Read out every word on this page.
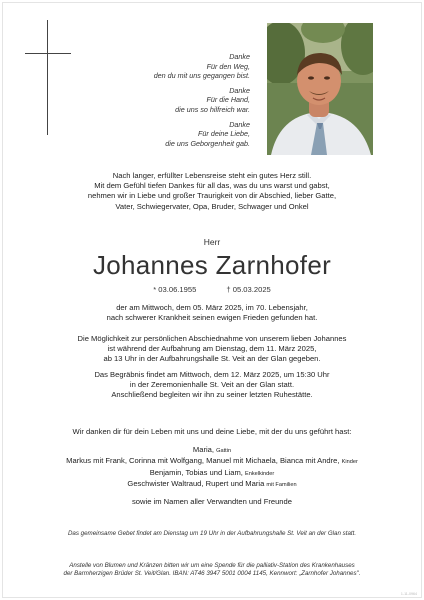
Danke
Für den Weg,
den du mit uns gegangen bist.
Danke
Für die Hand,
die uns so hilfreich war.
Danke
Für deine Liebe,
die uns Geborgenheit gab.
Nach langer, erfüllter Lebensreise steht ein gutes Herz still.
Mit dem Gefühl tiefen Dankes für all das, was du uns warst und gabst,
nehmen wir in Liebe und großer Traurigkeit von dir Abschied, lieber Gatte,
Vater, Schwiegervater, Opa, Bruder, Schwager und Onkel
Herr
Johannes Zarnhofer
* 03.06.1955	† 05.03.2025
der am Mittwoch, dem 05. März 2025, im 70. Lebensjahr,
nach schwerer Krankheit seinen ewigen Frieden gefunden hat.
Die Möglichkeit zur persönlichen Abschiednahme von unserem lieben Johannes
ist während der Aufbahrung am Dienstag, dem 11. März 2025,
ab 13 Uhr in der Aufbahrungshalle St. Veit an der Glan gegeben.
Das Begräbnis findet am Mittwoch, dem 12. März 2025, um 15:30 Uhr
in der Zeremonienhalle St. Veit an der Glan statt.
Anschließend begleiten wir ihn zu seiner letzten Ruhestätte.
Wir danken dir für dein Leben mit uns und deine Liebe, mit der du uns geführt hast:
Maria, Gattin
Markus mit Frank, Corinna mit Wolfgang, Manuel mit Michaela, Bianca mit Andre, Kinder
Benjamin, Tobias und Liam, Enkelkinder
Geschwister Waltraud, Rupert und Maria mit Familien
sowie im Namen aller Verwandten und Freunde
Das gemeinsame Gebet findet am Dienstag um 19 Uhr in der Aufbahrungshalle St. Veit an der Glan statt.
Anstelle von Blumen und Kränzen bitten wir um eine Spende für die palliativ-Station des Krankenhauses
der Barmherzigen Brüder St. Veit/Glan. IBAN: AT46 3947 5001 0004 1145, Kennwort: „Zarnhofer Johannes".
1-11-0964
